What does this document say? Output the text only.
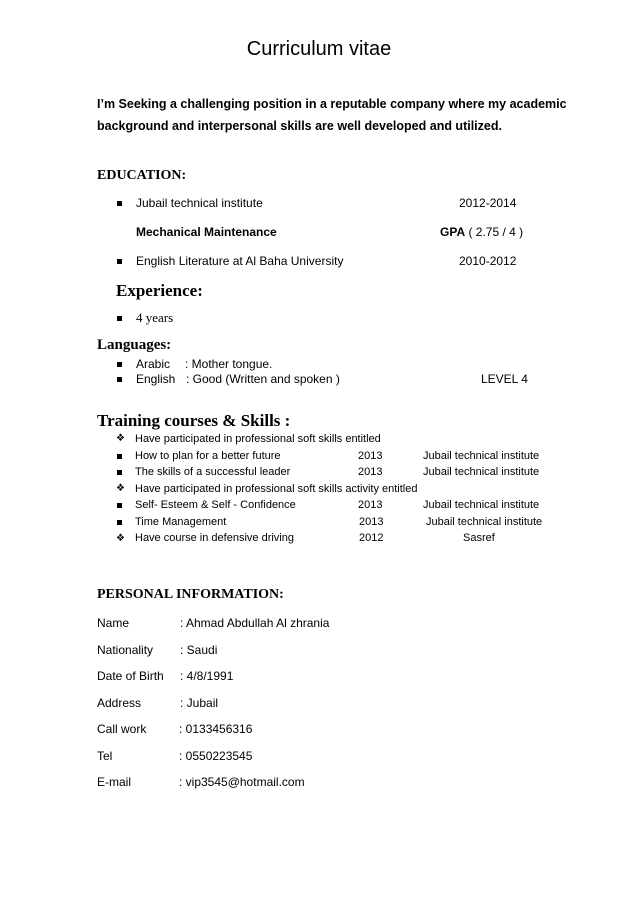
Curriculum vitae
I’m Seeking a challenging position in a reputable company where my academic
background and interpersonal skills are well developed and utilized.
EDUCATION:
Jubail technical institute	2012-2014
Mechanical Maintenance	GPA ( 2.75 / 4 )
English Literature at Al Baha University	2010-2012
Experience:
4 years
Languages:
Arabic : Mother tongue.
English : Good (Written and spoken )	LEVEL 4
Training courses & Skills :
❖ Have participated in professional soft skills entitled
How to plan for a better future	2013	Jubail technical institute
The skills of a successful leader	2013	Jubail technical institute
❖ Have participated in professional soft skills activity entitled
Self- Esteem & Self - Confidence	2013	Jubail technical institute
Time Management	2013	Jubail technical institute
❖ Have course in defensive driving	2012	Sasref
PERSONAL INFORMATION:
Name	: Ahmad Abdullah Al zhrania
Nationality : Saudi
Date of Birth : 4/8/1991
Address	: Jubail
Call work	: 0133456316
Tel	: 0550223545
E-mail	: vip3545@hotmail.com
